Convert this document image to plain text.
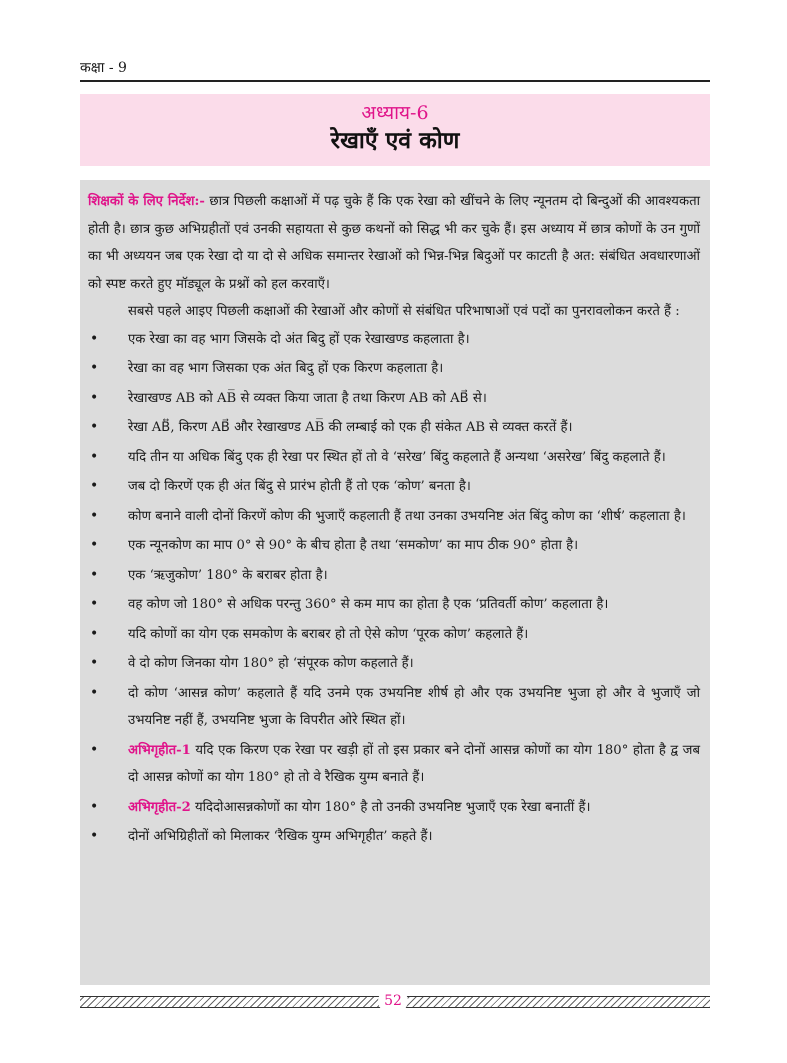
कक्षा - 9
अध्याय-6
रेखाएँ एवं कोण

शिक्षकों के लिए निर्देश:- छात्र पिछली कक्षाओं में पढ़ चुके हैं कि एक रेखा को खींचने के लिए न्यूनतम दो बिन्दुओं की आवश्यकता होती है। छात्र कुछ अभिग्रहीतों एवं उनकी सहायता से कुछ कथनों को सिद्ध भी कर चुके हैं। इस अध्याय में छात्र कोणों के उन गुणों का भी अध्ययन जब एक रेखा दो या दो से अधिक समान्तर रेखाओं को भिन्न-भिन्न बिदुओं पर काटती है अत: संबंधित अवधारणाओं को स्पष्ट करते हुए मॉड्यूल के प्रश्नों को हल करवाएँ।

सबसे पहले आइए पिछली कक्षाओं की रेखाओं और कोणों से संबंधित परिभाषाओं एवं पदों का पुनरावलोकन करते हैं :

• एक रेखा का वह भाग जिसके दो अंत बिदु हों एक रेखाखण्ड कहलाता है।
• रेखा का वह भाग जिसका एक अंत बिदु हों एक किरण कहलाता है।
• रेखाखण्ड AB को AB̅ से व्यक्त किया जाता है तथा किरण AB को AB⃗ से।
• रेखा AB⃡, किरण AB⃗ और रेखाखण्ड AB̅ की लम्बाई को एक ही संकेत AB से व्यक्त करतें हैं।
• यदि तीन या अधिक बिंदु एक ही रेखा पर स्थित हों तो वे ‘सरेख’ बिंदु कहलाते हैं अन्यथा ‘असरेख’ बिंदु कहलाते हैं।
• जब दो किरणें एक ही अंत बिंदु से प्रारंभ होती हैं तो एक ‘कोण’ बनता है।
• कोण बनाने वाली दोनों किरणें कोण की भुजाएँ कहलाती हैं तथा उनका उभयनिष्ट अंत बिंदु कोण का ‘शीर्ष’ कहलाता है।
• एक न्यूनकोण का माप 0° से 90° के बीच होता है तथा ‘समकोण’ का माप ठीक 90° होता है।
• एक ‘ऋजुकोण’ 180° के बराबर होता है।
• वह कोण जो 180° से अधिक परन्तु 360° से कम माप का होता है एक ‘प्रतिवर्ती कोण’ कहलाता है।
• यदि कोणों का योग एक समकोण के बराबर हो तो ऐसे कोण ‘पूरक कोण’ कहलाते हैं।
• वे दो कोण जिनका योग 180° हो ‘संपूरक कोण कहलाते हैं।
• दो कोण ‘आसन्न कोण’ कहलाते हैं यदि उनमे एक उभयनिष्ट शीर्ष हो और एक उभयनिष्ट भुजा हो और वे भुजाएँ जो उभयनिष्ट नहीं हैं, उभयनिष्ट भुजा के विपरीत ओरे स्थित हों।
• अभिगृहीत-1 यदि एक किरण एक रेखा पर खड़ी हों तो इस प्रकार बने दोनों आसन्न कोणों का योग 180° होता है द्व जब दो आसन्न कोणों का योग 180° हो तो वे रैखिक युग्म बनाते हैं।
• अभिगृहीत-2 यदिदोआसन्नकोणों का योग 180° है तो उनकी उभयनिष्ट भुजाएँ एक रेखा बनातीं हैं।
• दोनों अभिग्रिहीतों को मिलाकर ‘रैखिक युग्म अभिगृहीत’ कहते हैं।
52
